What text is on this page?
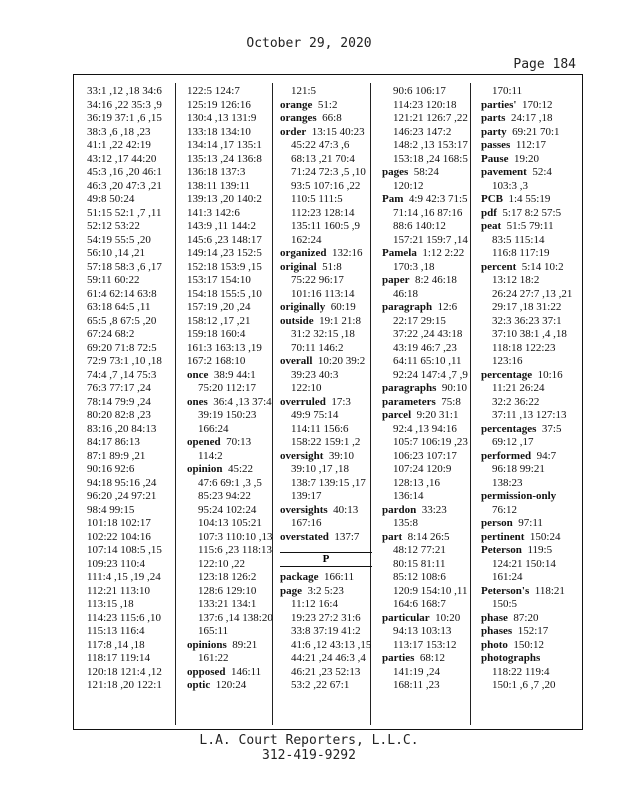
October 29, 2020
Page 184
33:1 ,12 ,18 34:6
34:16 ,22 35:3 ,9
36:19 37:1 ,6 ,15
38:3 ,6 ,18 ,23
41:1 ,22 42:19
43:12 ,17 44:20
45:3 ,16 ,20 46:1
46:3 ,20 47:3 ,21
49:8 50:24
51:15 52:1 ,7 ,11
52:12 53:22
54:19 55:5 ,20
56:10 ,14 ,21
57:18 58:3 ,6 ,17
59:11 60:22
61:4 62:14 63:8
63:18 64:5 ,11
65:5 ,8 67:5 ,20
67:24 68:2
69:20 71:8 72:5
72:9 73:1 ,10 ,18
74:4 ,7 ,14 75:3
76:3 77:17 ,24
78:14 79:9 ,24
80:20 82:8 ,23
83:16 ,20 84:13
84:17 86:13
87:1 89:9 ,21
90:16 92:6
94:18 95:16 ,24
96:20 ,24 97:21
98:4 99:15
101:18 102:17
102:22 104:16
107:14 108:5 ,15
109:23 110:4
111:4 ,15 ,19 ,24
112:21 113:10
113:15 ,18
114:23 115:6 ,10
115:13 116:4
117:8 ,14 ,18
118:17 119:14
120:18 121:4 ,12
121:18 ,20 122:1
122:5 124:7
125:19 126:16
130:4 ,13 131:9
133:18 134:10
134:14 ,17 135:1
135:13 ,24 136:8
136:18 137:3
138:11 139:11
139:13 ,20 140:2
141:3 142:6
143:9 ,11 144:2
145:6 ,23 148:17
149:14 ,23 152:5
152:18 153:9 ,15
153:17 154:10
154:18 155:5 ,10
157:19 ,20 ,24
158:12 ,17 ,21
159:18 160:4
161:3 163:13 ,19
167:2 168:10
once 38:9 44:1
75:20 112:17
ones 36:4 ,13 37:4
39:19 150:23
166:24
opened 70:13
114:2
opinion 45:22
47:6 69:1 ,3 ,5
85:23 94:22
95:24 102:24
104:13 105:21
107:3 110:10 ,13
115:6 ,23 118:13
122:10 ,22
123:18 126:2
128:6 129:10
133:21 134:1
137:6 ,14 138:20
165:11
opinions 89:21
161:22
opposed 146:11
optic 120:24
121:5
orange 51:2
oranges 66:8
order 13:15 40:23
45:22 47:3 ,6
68:13 ,21 70:4
71:24 72:3 ,5 ,10
93:5 107:16 ,22
110:5 111:5
112:23 128:14
135:11 160:5 ,9
162:24
organized 132:16
original 51:8
75:22 96:17
101:16 113:14
originally 60:19
outside 19:1 21:8
31:2 32:15 ,18
70:11 146:2
overall 10:20 39:2
39:23 40:3
122:10
overruled 17:3
49:9 75:14
114:11 156:6
158:22 159:1 ,2
oversight 39:10
39:10 ,17 ,18
138:7 139:15 ,17
139:17
oversights 40:13
167:16
overstated 137:7
P
package 166:11
page 3:2 5:23
11:12 16:4
19:23 27:2 31:6
33:8 37:19 41:2
41:6 ,12 43:13 ,15
44:21 ,24 46:3 ,4
46:21 ,23 52:13
53:2 ,22 67:1
90:6 106:17
114:23 120:18
121:21 126:7 ,22
146:23 147:2
148:2 ,13 153:17
153:18 ,24 168:5
pages 58:24
120:12
Pam 4:9 42:3 71:5
71:14 ,16 87:16
88:6 140:12
157:21 159:7 ,14
Pamela 1:12 2:22
170:3 ,18
paper 8:2 46:18
46:18
paragraph 12:6
22:17 29:15
37:22 ,24 43:18
43:19 46:7 ,23
64:11 65:10 ,11
92:24 147:4 ,7 ,9
paragraphs 90:10
parameters 75:8
parcel 9:20 31:1
92:4 ,13 94:16
105:7 106:19 ,23
106:23 107:17
107:24 120:9
128:13 ,16
136:14
pardon 33:23
135:8
part 8:14 26:5
48:12 77:21
80:15 81:11
85:12 108:6
120:9 154:10 ,11
164:6 168:7
particular 10:20
94:13 103:13
113:17 153:12
parties 68:12
141:19 ,24
168:11 ,23
170:11
parties' 170:12
parts 24:17 ,18
party 69:21 70:1
passes 112:17
Pause 19:20
pavement 52:4
103:3 ,3
PCB 1:4 55:19
pdf 5:17 8:2 57:5
peat 51:5 79:11
83:5 115:14
116:8 117:19
percent 5:14 10:2
13:12 18:2
26:24 27:7 ,13 ,21
29:17 ,18 31:22
32:3 36:23 37:1
37:10 38:1 ,4 ,18
118:18 122:23
123:16
percentage 10:16
11:21 26:24
32:2 36:22
37:11 ,13 127:13
percentages 37:5
69:12 ,17
performed 94:7
96:18 99:21
138:23
permission-only
76:12
person 97:11
pertinent 150:24
Peterson 119:5
124:21 150:14
161:24
Peterson's 118:21
150:5
phase 87:20
phases 152:17
photo 150:12
photographs
118:22 119:4
150:1 ,6 ,7 ,20
L.A. Court Reporters, L.L.C.
312-419-9292
